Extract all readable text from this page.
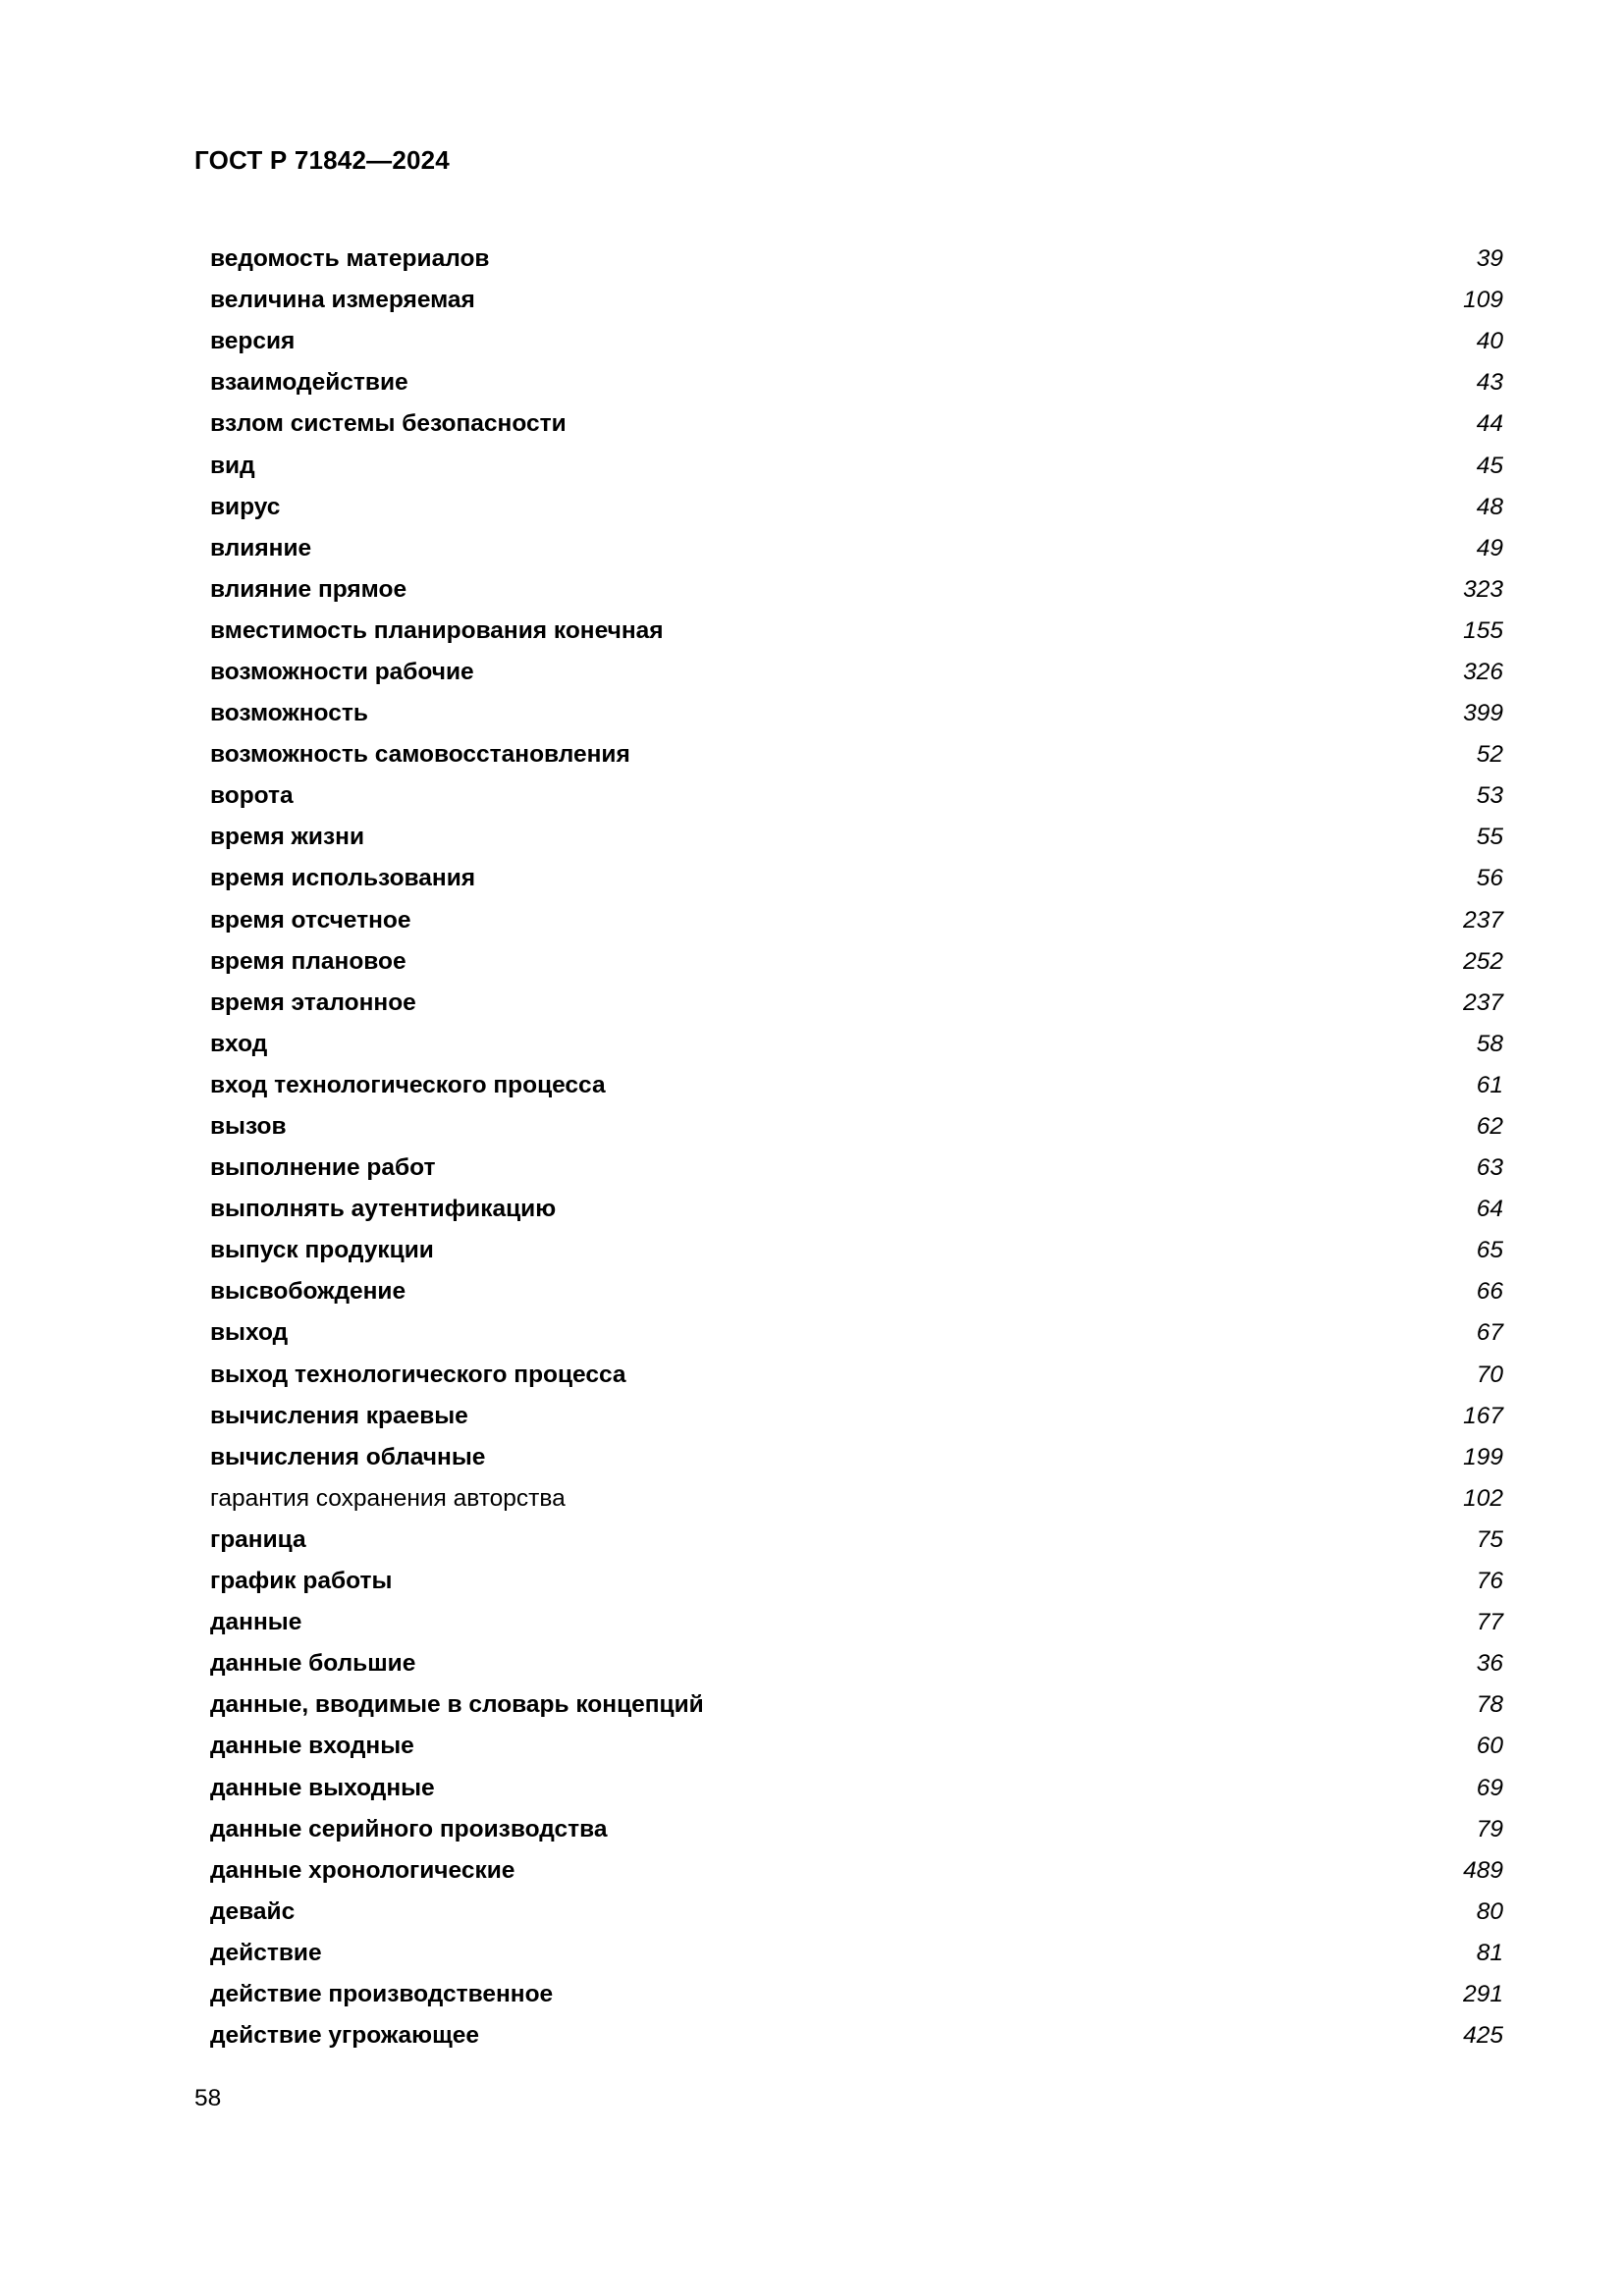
ГОСТ Р 71842—2024
ведомость материалов	39
величина измеряемая	109
версия	40
взаимодействие	43
взлом системы безопасности	44
вид	45
вирус	48
влияние	49
влияние прямое	323
вместимость планирования конечная	155
возможности рабочие	326
возможность	399
возможность самовосстановления	52
ворота	53
время жизни	55
время использования	56
время отсчетное	237
время плановое	252
время эталонное	237
вход	58
вход технологического процесса	61
вызов	62
выполнение работ	63
выполнять аутентификацию	64
выпуск продукции	65
высвобождение	66
выход	67
выход технологического процесса	70
вычисления краевые	167
вычисления облачные	199
гарантия сохранения авторства	102
граница	75
график работы	76
данные	77
данные большие	36
данные, вводимые в словарь концепций	78
данные входные	60
данные выходные	69
данные серийного производства	79
данные хронологические	489
девайс	80
действие	81
действие производственное	291
действие угрожающее	425
58
